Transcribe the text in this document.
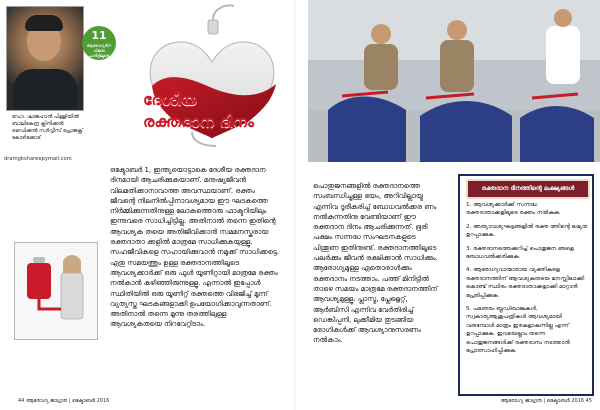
11
ആരോഗ്യദിന വിജയ
ചാർട്ടിലൂടെ
ഡോ. ഷാജഹാൻ പിള്ളിയിൽ
ബാലികേന്ദ്ര ക്ലിനിക്കൽ
മെഡിക്കൽ സർവ്വീസ് പ്രോജക്റ്റ്
കോഴിക്കോട്
dramgkshareepymail.com
ദേശീയ
രക്തദാന ദിനം

ഒക്ടോബർ 1, ഇന്ത്യയൊട്ടാകെ ദേശീയ രക്തദാന ദിനമായി ആചരിക്കുകയാണ്. മനുഷ്യജീവൻ വിലമതിക്കാനാവാത്ത അവസ്ഥയാണ്. രക്തം ജീവന്റെ നിലനിൽപ്പിനാവശ്യമായ ഈ ഘടകത്തെ നിർമ്മിക്കുന്നതിനുള്ള ലോകത്തൊരു ഫാക്ടറിയിലും ഇന്നുവരെ സാധിച്ചിട്ടില്ല. അതിനാൽ തന്നെ ഇതിന്റെ ആവശ്യക തയെ അതിജീവിക്കാൻ സമമനസ്കരായ രക്തദാതാ ക്കളിൽ മാത്രമേ സാധിക്കുകയുള്ളൂ. സഹജീവികളെ സഹായിക്കുവാൻ നമുക്ക് സാധിക്കട്ടെ. ഏതു സമയത്തും ഉള്ള രക്തദാനത്തിലൂടെ ആവശ്യക്കാർക്ക് ഒരു ഫുൾ യൂണിറ്റായി മാത്രമേ രക്തം നൽകാൻ കഴിഞ്ഞിരുന്നുള്ളൂ. എന്നാൽ ഇപ്പോൾ സ്ഥിതിയിൽ ഒരു യൂണിറ്റ് രക്തത്തെ വിഭജിച്ച് മൂന്ന് വ്യത്യസ്ത ഘടകങ്ങളാക്കി ഉപയോഗിക്കാവുന്നതാണ്. അതിനാൽ തന്നെ മൂന്നു തരത്തിലുള്ള ആവശ്യകതയെ നിറവേറ്റിടാം.

44 ആരോഗ്യ ജാഗ്രത | ഒക്ടോബർ 2016

പൊതുജനങ്ങളിൽ രക്തദാനത്തെ സംബന്ധിച്ചുള്ള ഭയം, അറിവില്ലായ്മ എന്നിവ ദൂരീകരിച്ച് ബോധവൽക്കര ണം നൽകുന്നതിനു വേണ്ടിയാണ് ഈ രക്തദാന ദിനം ആചരിക്കുന്നത്. ഭൂരി പക്ഷം സന്നദ്ധ സംഘടനകളുടെ പിന്തുണ ഇതിനുണ്ട്. രക്തദാനത്തിലൂടെ പലർക്കും ജീവൻ രക്ഷിക്കാൻ സാധിക്കും. ആരോഗ്യമുള്ള ഏതൊരാൾക്കും രക്തദാനം നടത്താം. പത്ത് മിനിട്ടിൽ താഴെ സമയം മാത്രമേ രക്തദാനത്തിന് ആവശ്യമുള്ളൂ. പ്ലാസ്മ, പ്ലേറ്റ്ലെറ്റ്, ആർബിസി എന്നിവ വേർതിരിച്ച് ഡെങ്കിപ്പനി, ലുക്കീമിയ തുടങ്ങിയ രോഗികൾക്ക് ആവശ്യാനുസരണം നൽകാം.

രക്തദാന ദിനത്തിന്റെ ലക്ഷ്യങ്ങൾ
1. ആവശ്യക്കാർക്ക് സന്നദ്ധ രക്തദാതാക്കളിലൂടെ രക്തം നൽകുക.
2. അത്യാവശ്യഘട്ടങ്ങളിൽ രക്ത ത്തിന്റെ ലഭ്യത ഉറപ്പാക്കുക.
3. രക്തദാനത്തെക്കുറിച്ച് പൊതുജന ങ്ങളെ ബോധവൽക്കരിക്കുക.
4. ആരോഗ്യവാന്മാരായ വ്യക്തികളെ രക്തദാനത്തിന് ആവശ്യകതയെ മനസ്സിലാക്കി കൊണ്ട് സ്ഥിരം രക്തദാതാക്കളാക്കി മാറ്റാൻ പ്രേരിപ്പിക്കുക.
5. പലതരം ബ്ലഡ്ബാങ്കുകൾ, സ്വകാര്യആശുപത്രികൾ ആവശ്യമായി വരുമ്പോൾ മാത്രം ഇരകളാകുന്നില്ല എന്ന് ഉറപ്പാക്കുക. ഇവയെല്ലാം തന്നെ പൊതുജനങ്ങൾക്ക് രക്തദാനം നടത്താൻ പ്രോത്സാഹിപ്പിക്കുക.
ആരോഗ്യ ജാഗ്രത | ഒക്ടോബർ 2016 45
